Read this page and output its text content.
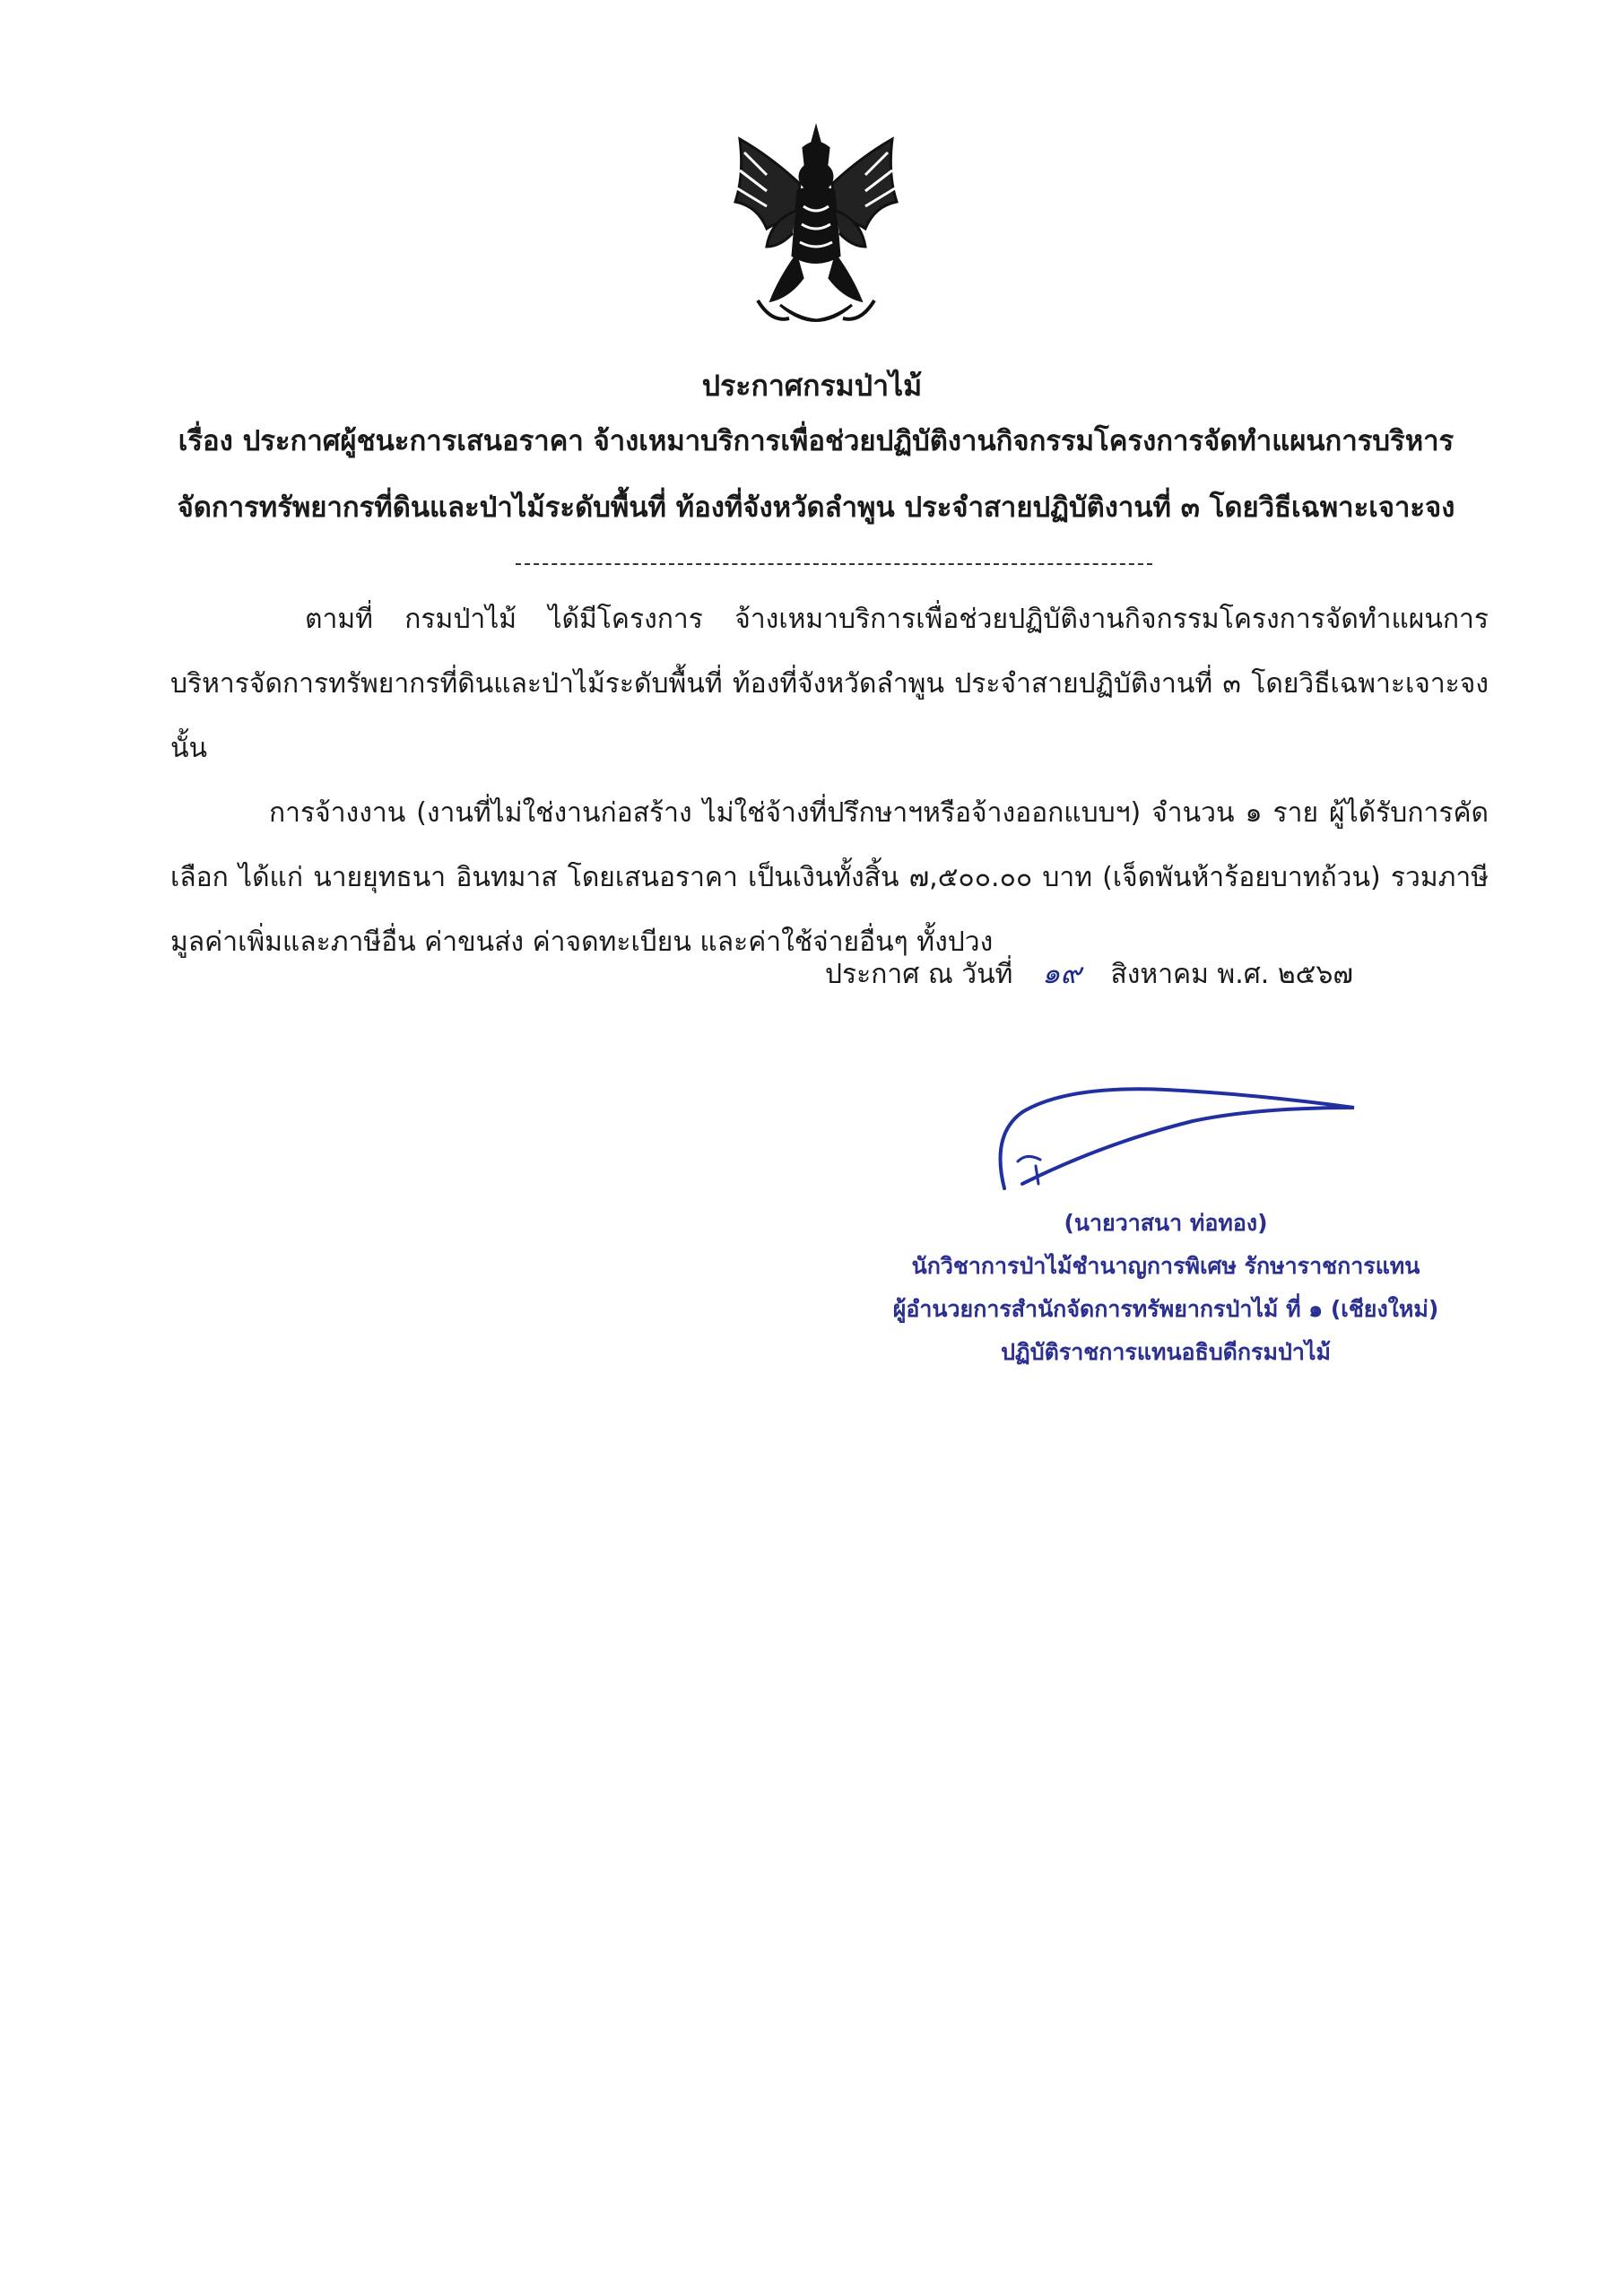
ประกาศกรมป่าไม้
เรื่อง ประกาศผู้ชนะการเสนอราคา จ้างเหมาบริการเพื่อช่วยปฏิบัติงานกิจกรรมโครงการจัดทำแผนการบริหาร
จัดการทรัพยากรที่ดินและป่าไม้ระดับพื้นที่ ท้องที่จังหวัดลำพูน ประจำสายปฏิบัติงานที่ ๓ โดยวิธีเฉพาะเจาะจง

ตามที่ กรมป่าไม้ ได้มีโครงการ จ้างเหมาบริการเพื่อช่วยปฏิบัติงานกิจกรรมโครงการจัดทำแผนการบริหารจัดการทรัพยากรที่ดินและป่าไม้ระดับพื้นที่ ท้องที่จังหวัดลำพูน ประจำสายปฏิบัติงานที่ ๓ โดยวิธีเฉพาะเจาะจง นั้น

การจ้างงาน (งานที่ไม่ใช่งานก่อสร้าง ไม่ใช่จ้างที่ปรึกษาฯหรือจ้างออกแบบฯ) จำนวน ๑ ราย ผู้ได้รับการคัดเลือก ได้แก่ นายยุทธนา อินทมาส โดยเสนอราคา เป็นเงินทั้งสิ้น ๗,๕๐๐.๐๐ บาท (เจ็ดพันห้าร้อยบาทถ้วน) รวมภาษีมูลค่าเพิ่มและภาษีอื่น ค่าขนส่ง ค่าจดทะเบียน และค่าใช้จ่ายอื่นๆ ทั้งปวง

ประกาศ ณ วันที่ ๑๙ สิงหาคม พ.ศ. ๒๕๖๗
(นายวาสนา ท่อทอง)
นักวิชาการป่าไม้ชำนาญการพิเศษ รักษาราชการแทน
ผู้อำนวยการสำนักจัดการทรัพยากรป่าไม้ ที่ ๑ (เชียงใหม่)
ปฏิบัติราชการแทนอธิบดีกรมป่าไม้
